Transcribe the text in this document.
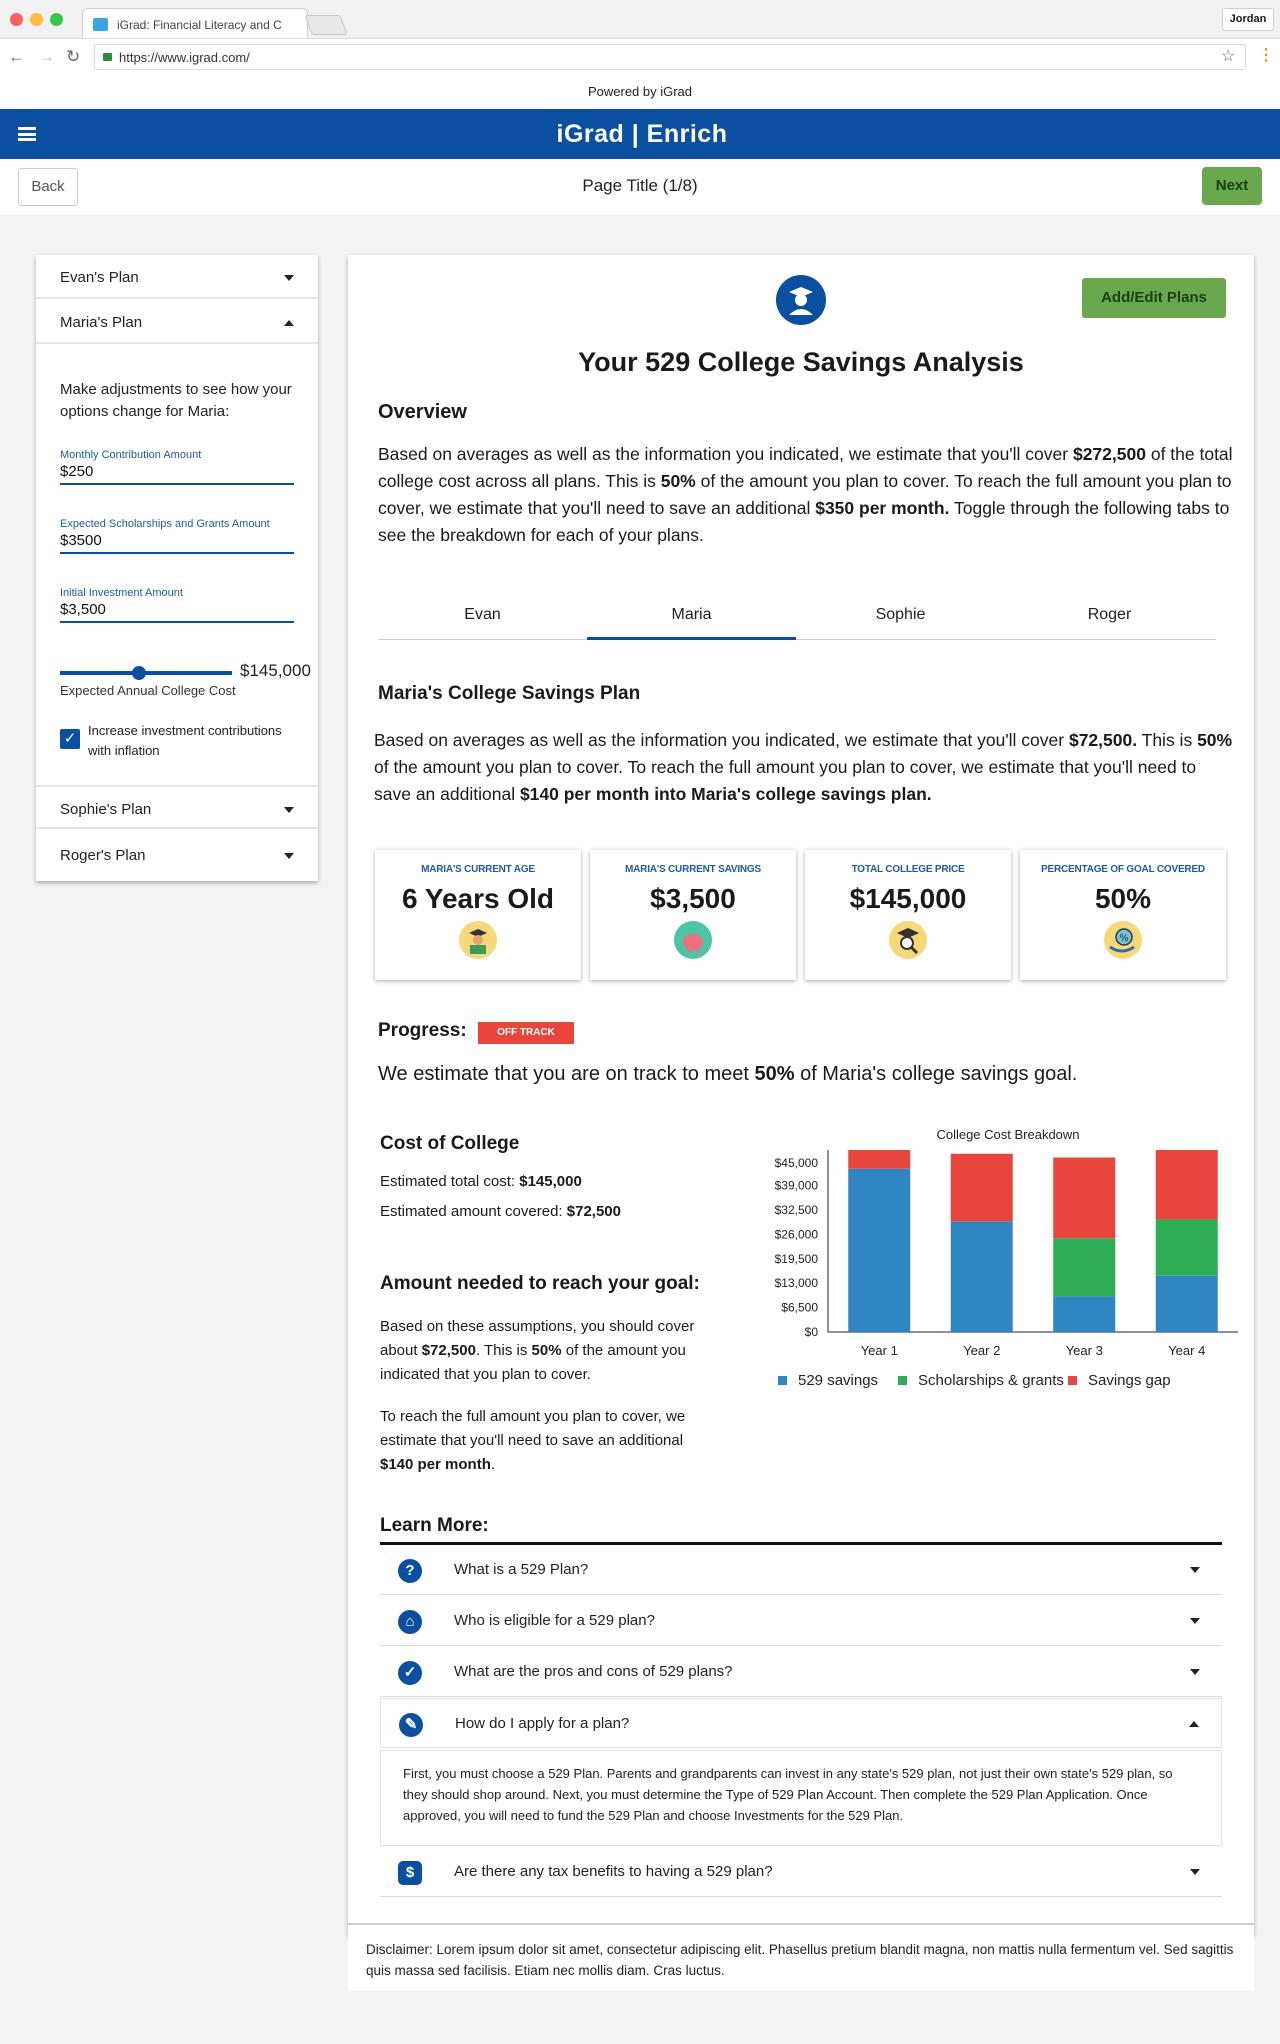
iGrad: Financial Literacy and C	Jordan
← → ↻	https://www.igrad.com/	☆ ⋮
Powered by iGrad
iGrad | Enrich
Back	Page Title (1/8)	Next
Evan's Plan
Maria's Plan
Make adjustments to see how your options change for Maria:
Monthly Contribution Amount
$250
Expected Scholarships and Grants Amount
$3500
Initial Investment Amount
$3,500
$145,000
Expected Annual College Cost
✓ Increase investment contributions with inflation
Sophie's Plan
Roger's Plan
Add/Edit Plans
Your 529 College Savings Analysis
Overview
Based on averages as well as the information you indicated, we estimate that you'll cover $272,500 of the total college cost across all plans. This is 50% of the amount you plan to cover. To reach the full amount you plan to cover, we estimate that you'll need to save an additional $350 per month. Toggle through the following tabs to see the breakdown for each of your plans.
Evan	Maria	Sophie	Roger
Maria's College Savings Plan
Based on averages as well as the information you indicated, we estimate that you'll cover $72,500. This is 50% of the amount you plan to cover. To reach the full amount you plan to cover, we estimate that you'll need to save an additional $140 per month into Maria's college savings plan.
MARIA'S CURRENT AGE
6 Years Old
MARIA'S CURRENT SAVINGS
$3,500
TOTAL COLLEGE PRICE
$145,000
PERCENTAGE OF GOAL COVERED
50%
%
Progress:	OFF TRACK
We estimate that you are on track to meet 50% of Maria's college savings goal.
Cost of College
Estimated total cost: $145,000
Estimated amount covered: $72,500
Amount needed to reach your goal:
Based on these assumptions, you should cover about $72,500. This is 50% of the amount you indicated that you plan to cover.
To reach the full amount you plan to cover, we estimate that you'll need to save an additional $140 per month.
College Cost Breakdown
$0
$6,500
$13,000
$19,500
$26,000
$32,500
$39,000
$45,000
Year 1	Year 2	Year 3	Year 4
529 savings	Scholarships & grants Savings gap
Learn More:
?	What is a 529 Plan?
⌂	Who is eligible for a 529 plan?
✓	What are the pros and cons of 529 plans?
✎	How do I apply for a plan?
First, you must choose a 529 Plan. Parents and grandparents can invest in any state's 529 plan, not just their own state's 529 plan, so they should shop around. Next, you must determine the Type of 529 Plan Account. Then complete the 529 Plan Application. Once approved, you will need to fund the 529 Plan and choose Investments for the 529 Plan.
$	Are there any tax benefits to having a 529 plan?
Disclaimer: Lorem ipsum dolor sit amet, consectetur adipiscing elit. Phasellus pretium blandit magna, non mattis nulla fermentum vel. Sed sagittis quis massa sed facilisis. Etiam nec mollis diam. Cras luctus.
